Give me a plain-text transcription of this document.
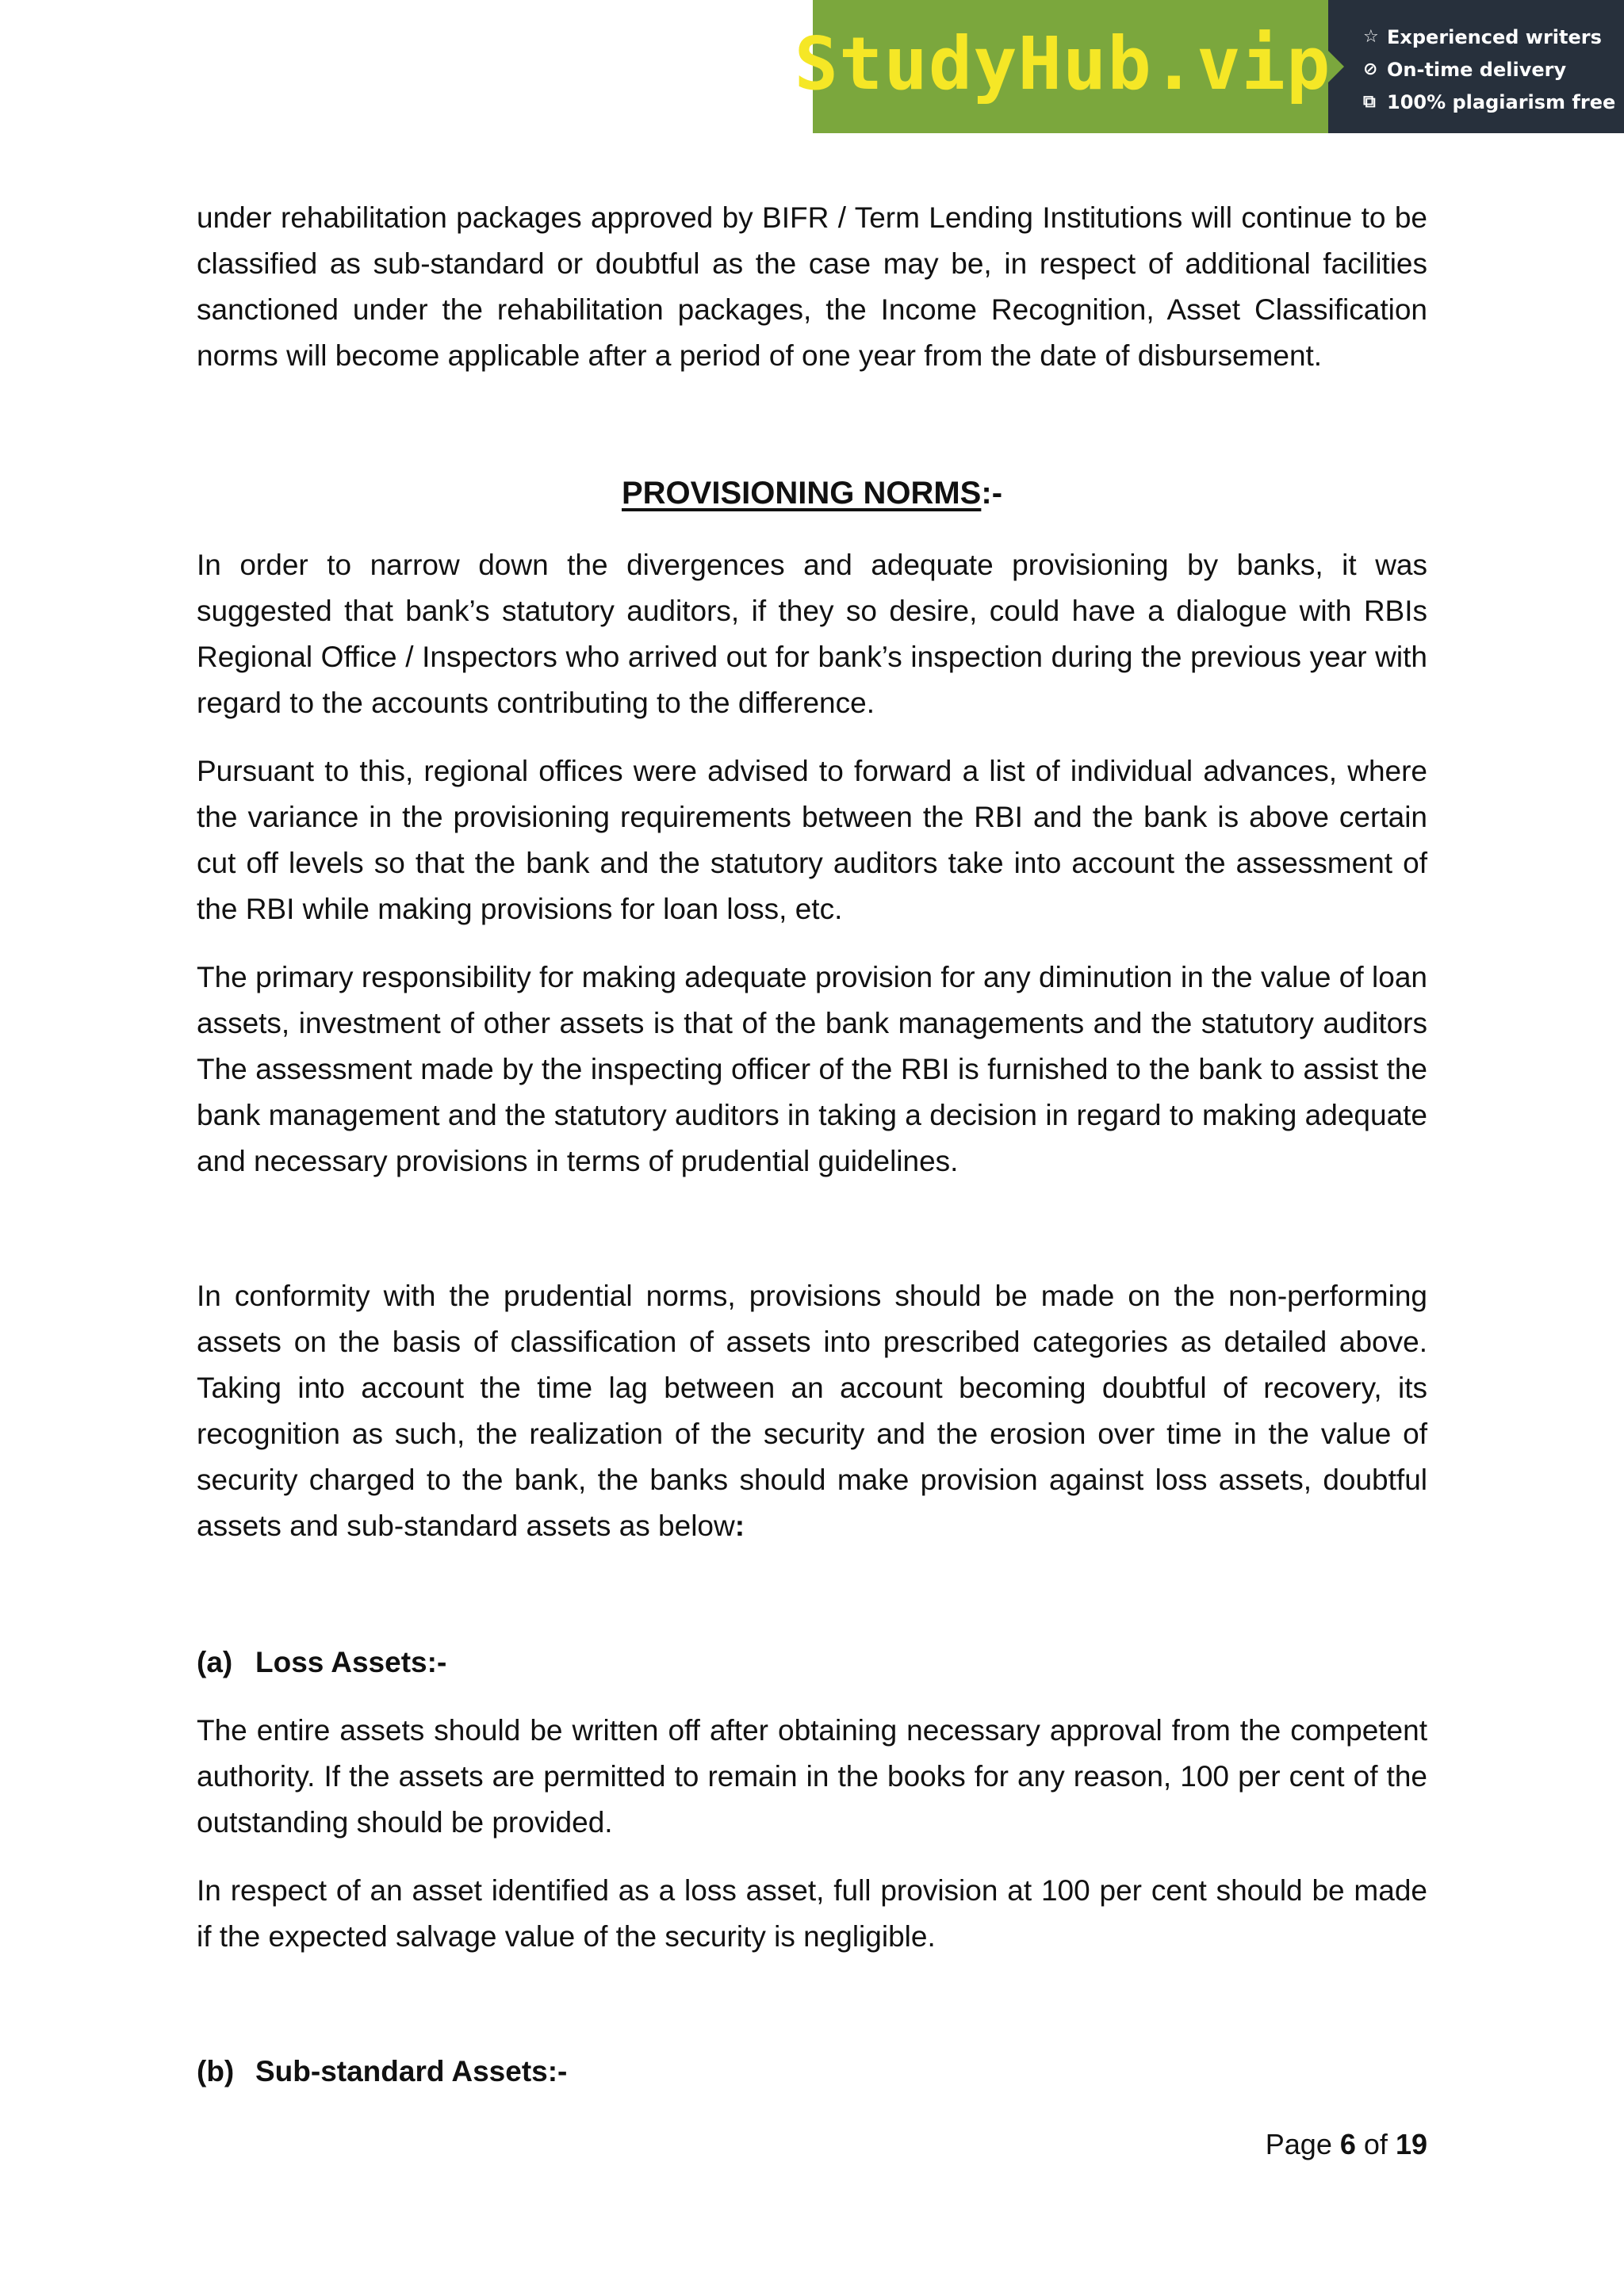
StudyHub.vip ☆ Experienced writers
⊘ On-time delivery
⧉ 100% plagiarism free

under rehabilitation packages approved by BIFR / Term Lending Institutions will continue to be classified as sub-standard or doubtful as the case may be, in respect of additional facilities sanctioned under the rehabilitation packages, the Income Recognition, Asset Classification norms will become applicable after a period of one year from the date of disbursement.

PROVISIONING NORMS:-

In order to narrow down the divergences and adequate provisioning by banks, it was suggested that bank’s statutory auditors, if they so desire, could have a dialogue with RBIs Regional Office / Inspectors who arrived out for bank’s inspection during the previous year with regard to the accounts contributing to the difference.

Pursuant to this, regional offices were advised to forward a list of individual advances, where the variance in the provisioning requirements between the RBI and the bank is above certain cut off levels so that the bank and the statutory auditors take into account the assessment of the RBI while making provisions for loan loss, etc.

The primary responsibility for making adequate provision for any diminution in the value of loan assets, investment of other assets is that of the bank managements and the statutory auditors The assessment made by the inspecting officer of the RBI is furnished to the bank to assist the bank management and the statutory auditors in taking a decision in regard to making adequate and necessary provisions in terms of prudential guidelines.

In conformity with the prudential norms, provisions should be made on the non-performing assets on the basis of classification of assets into prescribed categories as detailed above. Taking into account the time lag between an account becoming doubtful of recovery, its recognition as such, the realization of the security and the erosion over time in the value of security charged to the bank, the banks should make provision against loss assets, doubtful assets and sub-standard assets as below:

(a) Loss Assets:-

The entire assets should be written off after obtaining necessary approval from the competent authority. If the assets are permitted to remain in the books for any reason, 100 per cent of the outstanding should be provided.

In respect of an asset identified as a loss asset, full provision at 100 per cent should be made if the expected salvage value of the security is negligible.

(b) Sub-standard Assets:-
Page 6 of 19
